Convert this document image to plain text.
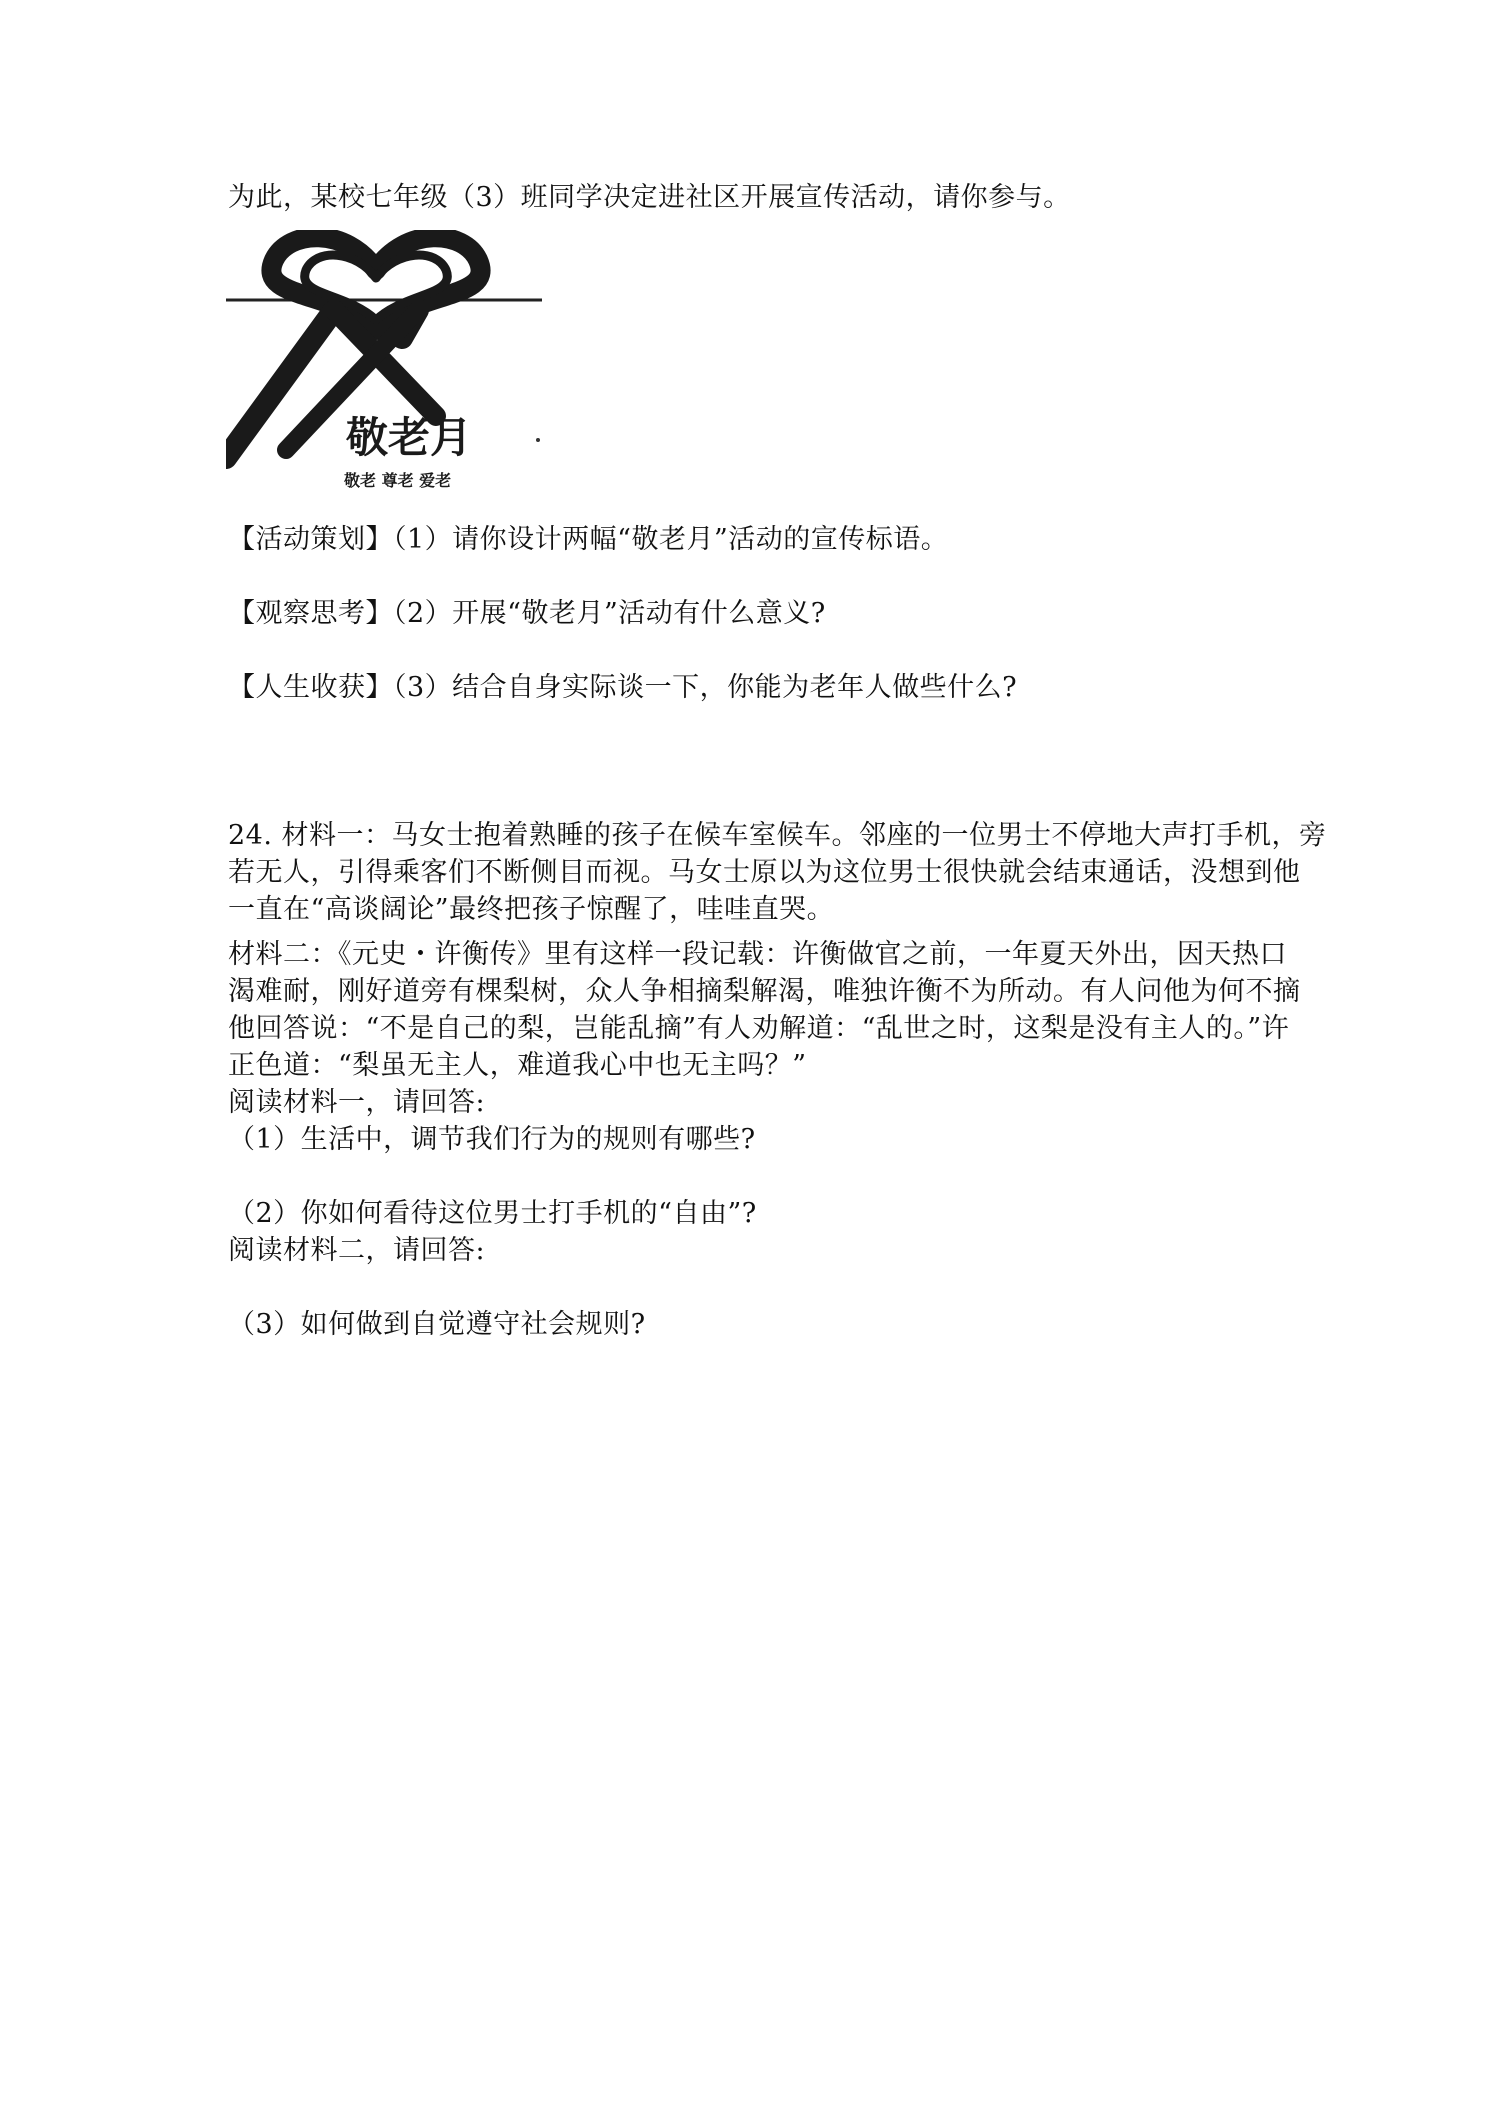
为此，某校七年级（3）班同学决定进社区开展宣传活动，请你参与。
敬老月
敬老 尊老 爱老
【活动策划】（1）请你设计两幅“敬老月”活动的宣传标语。
【观察思考】（2）开展“敬老月”活动有什么意义?
【人生收获】（3）结合自身实际谈一下，你能为老年人做些什么?
24. 材料一：马女士抱着熟睡的孩子在候车室候车。邻座的一位男士不停地大声打手机，旁
若无人，引得乘客们不断侧目而视。马女士原以为这位男士很快就会结束通话，没想到他
一直在“高谈阔论”最终把孩子惊醒了，哇哇直哭。
材料二：《元史・许衡传》里有这样一段记载：许衡做官之前，一年夏天外出，因天热口
渴难耐，刚好道旁有棵梨树，众人争相摘梨解渴，唯独许衡不为所动。有人问他为何不摘
他回答说：“不是自己的梨，岂能乱摘”有人劝解道：“乱世之时，这梨是没有主人的。”许
正色道：“梨虽无主人，难道我心中也无主吗？”
阅读材料一，请回答:
（1）生活中，调节我们行为的规则有哪些?
（2）你如何看待这位男士打手机的“自由”?
阅读材料二，请回答:
（3）如何做到自觉遵守社会规则?
